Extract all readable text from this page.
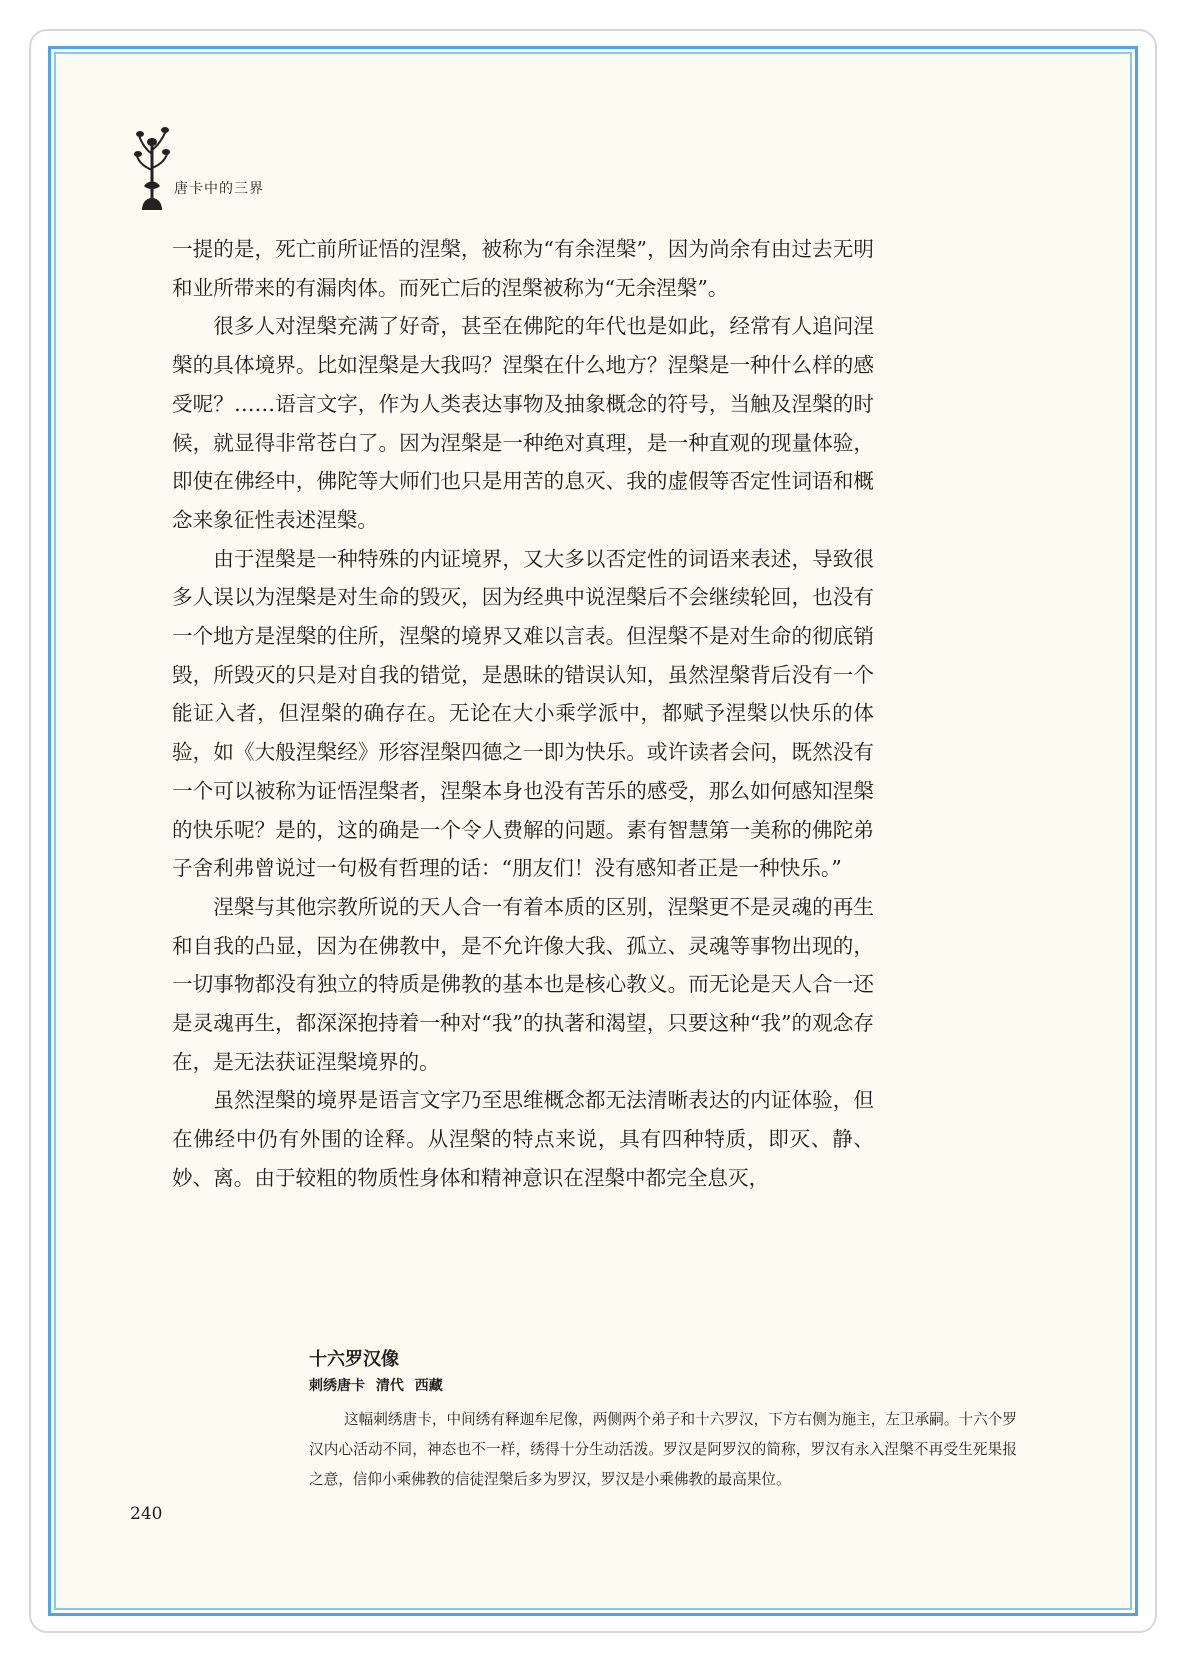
唐卡中的三界

一提的是，死亡前所证悟的涅槃，被称为“有余涅槃”，因为尚余有由过去无明和业所带来的有漏肉体。而死亡后的涅槃被称为“无余涅槃”。

很多人对涅槃充满了好奇，甚至在佛陀的年代也是如此，经常有人追问涅槃的具体境界。比如涅槃是大我吗？涅槃在什么地方？涅槃是一种什么样的感受呢？……语言文字，作为人类表达事物及抽象概念的符号，当触及涅槃的时候，就显得非常苍白了。因为涅槃是一种绝对真理，是一种直观的现量体验，即使在佛经中，佛陀等大师们也只是用苦的息灭、我的虚假等否定性词语和概念来象征性表述涅槃。

由于涅槃是一种特殊的内证境界，又大多以否定性的词语来表述，导致很多人误以为涅槃是对生命的毁灭，因为经典中说涅槃后不会继续轮回，也没有一个地方是涅槃的住所，涅槃的境界又难以言表。但涅槃不是对生命的彻底销毁，所毁灭的只是对自我的错觉，是愚昧的错误认知，虽然涅槃背后没有一个能证入者，但涅槃的确存在。无论在大小乘学派中，都赋予涅槃以快乐的体验，如《大般涅槃经》形容涅槃四德之一即为快乐。或许读者会问，既然没有一个可以被称为证悟涅槃者，涅槃本身也没有苦乐的感受，那么如何感知涅槃的快乐呢？是的，这的确是一个令人费解的问题。素有智慧第一美称的佛陀弟子舍利弗曾说过一句极有哲理的话：“朋友们！没有感知者正是一种快乐。”

涅槃与其他宗教所说的天人合一有着本质的区别，涅槃更不是灵魂的再生和自我的凸显，因为在佛教中，是不允许像大我、孤立、灵魂等事物出现的，一切事物都没有独立的特质是佛教的基本也是核心教义。而无论是天人合一还是灵魂再生，都深深抱持着一种对“我”的执著和渴望，只要这种“我”的观念存在，是无法获证涅槃境界的。

虽然涅槃的境界是语言文字乃至思维概念都无法清晰表达的内证体验，但在佛经中仍有外围的诠释。从涅槃的特点来说，具有四种特质，即灭、静、妙、离。由于较粗的物质性身体和精神意识在涅槃中都完全息灭，

十六罗汉像
刺绣唐卡 清代 西藏
这幅刺绣唐卡，中间绣有释迦牟尼像，两侧两个弟子和十六罗汉，下方右侧为施主，左卫承嗣。十六个罗汉内心活动不同，神态也不一样，绣得十分生动活泼。罗汉是阿罗汉的简称，罗汉有永入涅槃不再受生死果报之意，信仰小乘佛教的信徒涅槃后多为罗汉，罗汉是小乘佛教的最高果位。
240
